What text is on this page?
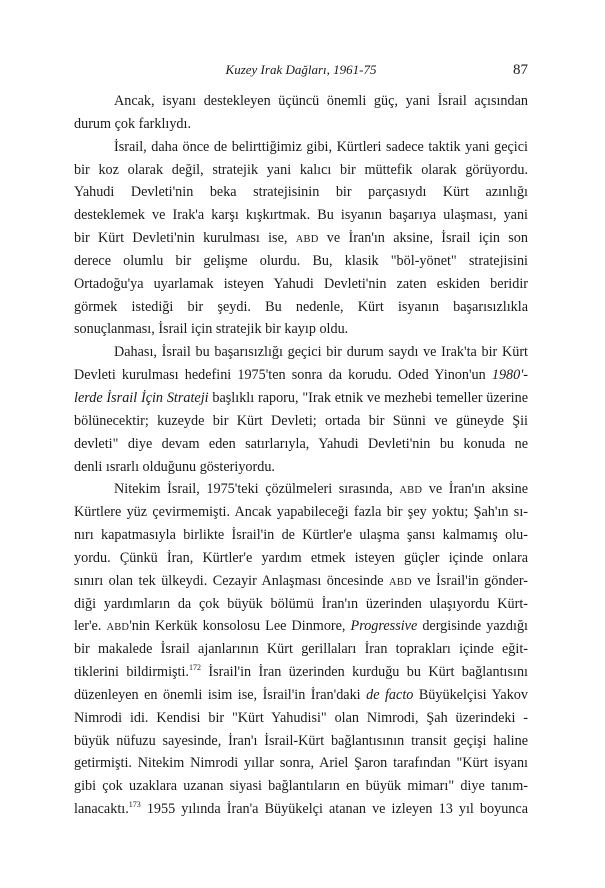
Kuzey Irak Dağları, 1961-75	87
Ancak, isyanı destekleyen üçüncü önemli güç, yani İsrail açısından
durum çok farklıydı.
İsrail, daha önce de belirttiğimiz gibi, Kürtleri sadece taktik yani geçici
bir koz olarak değil, stratejik yani kalıcı bir müttefik olarak görüyordu.
Yahudi Devleti'nin beka stratejisinin bir parçasıydı Kürt azınlığı
desteklemek ve Irak'a karşı kışkırtmak. Bu isyanın başarıya ulaşması, yani
bir Kürt Devleti'nin kurulması ise, ABD ve İran'ın aksine, İsrail için son
derece olumlu bir gelişme olurdu. Bu, klasik "böl-yönet" stratejisini
Ortadoğu'ya uyarlamak isteyen Yahudi Devleti'nin zaten eskiden beridir
görmek istediği bir şeydi. Bu nedenle, Kürt isyanın başarısızlıkla
sonuçlanması, İsrail için stratejik bir kayıp oldu.
Dahası, İsrail bu başarısızlığı geçici bir durum saydı ve Irak'ta bir Kürt
Devleti kurulması hedefini 1975'ten sonra da korudu. Oded Yinon'un 1980'-
lerde İsrail İçin Strateji başlıklı raporu, "Irak etnik ve mezhebi temeller üzerine
bölünecektir; kuzeyde bir Kürt Devleti; ortada bir Sünni ve güneyde Şii
devleti" diye devam eden satırlarıyla, Yahudi Devleti'nin bu konuda ne
denli ısrarlı olduğunu gösteriyordu.
Nitekim İsrail, 1975'teki çözülmeleri sırasında, ABD ve İran'ın aksine
Kürtlere yüz çevirmemişti. Ancak yapabileceği fazla bir şey yoktu; Şah'ın sı-
nırı kapatmasıyla birlikte İsrail'in de Kürtler'e ulaşma şansı kalmamış olu-
yordu. Çünkü İran, Kürtler'e yardım etmek isteyen güçler içinde onlara
sınırı olan tek ülkeydi. Cezayir Anlaşması öncesinde ABD ve İsrail'in gönder-
diği yardımların da çok büyük bölümü İran'ın üzerinden ulaşıyordu Kürt-
ler'e. ABD'nin Kerkük konsolosu Lee Dinmore, Progressive dergisinde yazdığı
bir makalede İsrail ajanlarının Kürt gerillaları İran toprakları içinde eğit-
tiklerini bildirmişti.$^{172}$ İsrail'in İran üzerinden kurduğu bu Kürt bağlantısını
düzenleyen en önemli isim ise, İsrail'in İran'daki de facto Büyükelçisi Yakov
Nimrodi idi. Kendisi bir "Kürt Yahudisi" olan Nimrodi, Şah üzerindeki -
büyük nüfuzu sayesinde, İran'ı İsrail-Kürt bağlantısının transit geçişi haline
getirmişti. Nitekim Nimrodi yıllar sonra, Ariel Şaron tarafından "Kürt isyanı
gibi çok uzaklara uzanan siyasi bağlantıların en büyük mimarı" diye tanım-
lanacaktı.$^{173}$ 1955 yılında İran'a Büyükelçi atanan ve izleyen 13 yıl boyunca
